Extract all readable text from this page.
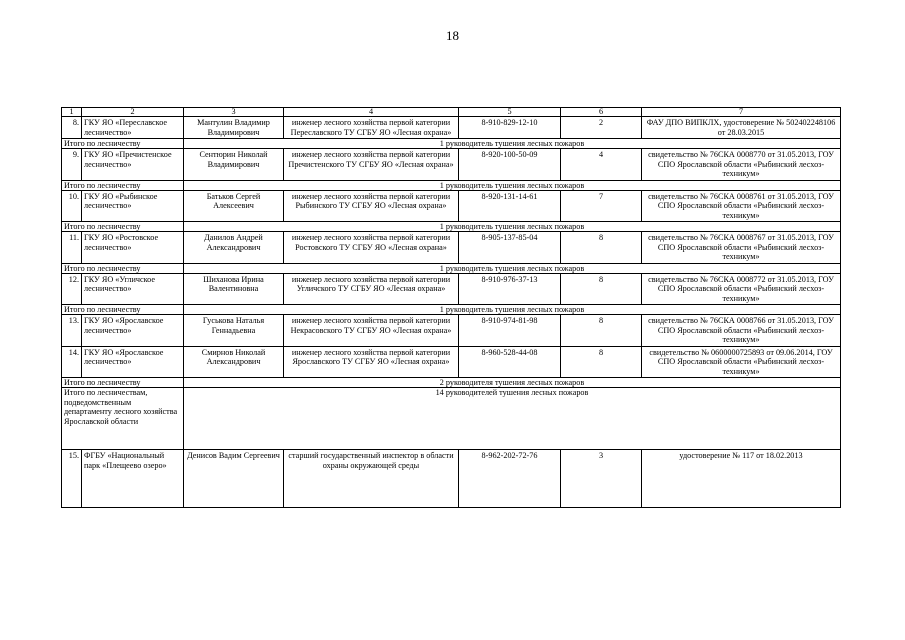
18
1	2	3	4	5	6	7
8.	ГКУ ЯО «Переславское лесничество»	Мантулин Владимир Владимирович	инженер лесного хозяйства первой категории Переславского ТУ СГБУ ЯО «Лесная охрана»	8-910-829-12-10	2	ФАУ ДПО ВИПКЛХ, удостоверение № 502402248106 от 28.03.2015
Итого по лесничеству		1 руководитель тушения лесных пожаров				
9.	ГКУ ЯО «Пречистенское лесничество»	Сентюрин Николай Владимирович	инженер лесного хозяйства первой категории Пречистенского ТУ СГБУ ЯО «Лесная охрана»	8-920-100-50-09	4	свидетельство № 76СКА 0008770 от 31.05.2013, ГОУ СПО Ярославской области «Рыбинский лесхоз-техникум»
Итого по лесничеству		1 руководитель тушения лесных пожаров				
10.	ГКУ ЯО «Рыбинское лесничество»	Батьков Сергей Алексеевич	инженер лесного хозяйства первой категории Рыбинского ТУ СГБУ ЯО «Лесная охрана»	8-920-131-14-61	7	свидетельство № 76СКА 0008761 от 31.05.2013, ГОУ СПО Ярославской области «Рыбинский лесхоз-техникум»
Итого по лесничеству		1 руководитель тушения лесных пожаров				
11.	ГКУ ЯО «Ростовское лесничество»	Данилов Андрей Александрович	инженер лесного хозяйства первой категории Ростовского ТУ СГБУ ЯО «Лесная охрана»	8-905-137-85-04	8	свидетельство № 76СКА 0008767 от 31.05.2013, ГОУ СПО Ярославской области «Рыбинский лесхоз-техникум»
Итого по лесничеству		1 руководитель тушения лесных пожаров				
12.	ГКУ ЯО «Угличское лесничество»	Шиханова Ирина Валентиновна	инженер лесного хозяйства первой категории Угличского ТУ СГБУ ЯО «Лесная охрана»	8-910-976-37-13	8	свидетельство № 76СКА 0008772 от 31.05.2013, ГОУ СПО Ярославской области «Рыбинский лесхоз-техникум»
Итого по лесничеству		1 руководитель тушения лесных пожаров				
13.	ГКУ ЯО «Ярославское лесничество»	Гуськова Наталья Геннадьевна	инженер лесного хозяйства первой категории Некрасовского ТУ СГБУ ЯО «Лесная охрана»	8-910-974-81-98	8	свидетельство № 76СКА 0008766 от 31.05.2013, ГОУ СПО Ярославской области «Рыбинский лесхоз-техникум»
14.	ГКУ ЯО «Ярославское лесничество»	Смирнов Николай Александрович	инженер лесного хозяйства первой категории Ярославского ТУ СГБУ ЯО «Лесная охрана»	8-960-528-44-08	8	свидетельство № 0600000725893 от 09.06.2014, ГОУ СПО Ярославской области «Рыбинский лесхоз-техникум»
Итого по лесничеству		2 руководителя тушения лесных пожаров				
Итого по лесничествам, подведомственным департаменту лесного хозяйства Ярославской области		14 руководителей тушения лесных пожаров				
15.	ФГБУ «Национальный парк «Плещеево озеро»	Денисов Вадим Сергеевич	старший государственный инспектор в области охраны окружающей среды	8-962-202-72-76	3	удостоверение № 117 от 18.02.2013
